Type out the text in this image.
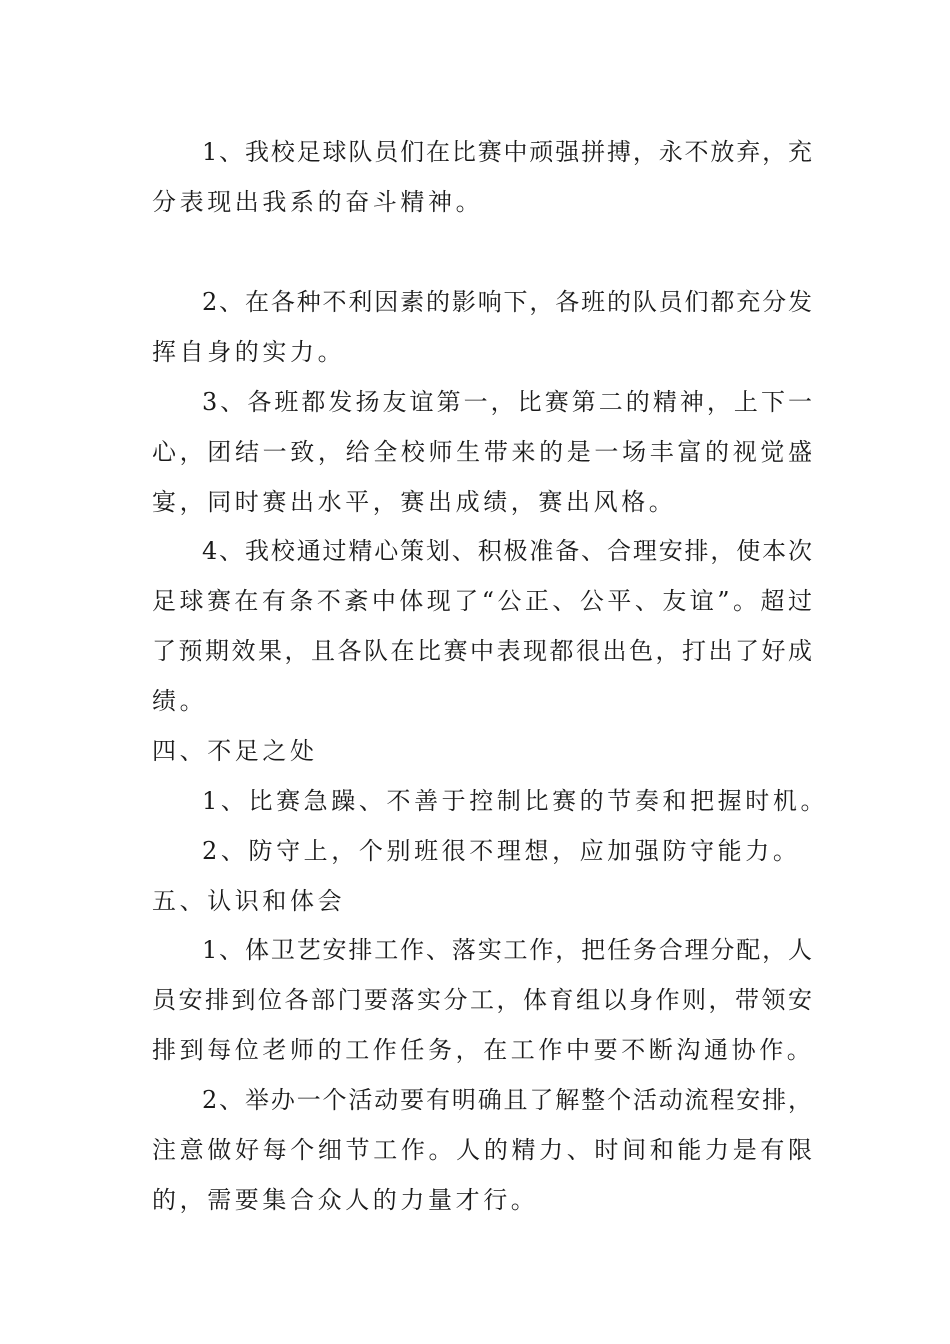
1、我校足球队员们在比赛中顽强拼搏，永不放弃，充

分表现出我系的奋斗精神。

2、在各种不利因素的影响下，各班的队员们都充分发

挥自身的实力。

3、各班都发扬友谊第一，比赛第二的精神，上下一

心，团结一致，给全校师生带来的是一场丰富的视觉盛

宴，同时赛出水平，赛出成绩，赛出风格。

4、我校通过精心策划、积极准备、合理安排，使本次

足球赛在有条不紊中体现了“公正、公平、友谊”。超过

了预期效果，且各队在比赛中表现都很出色，打出了好成

绩。

四、不足之处

1、比赛急躁、不善于控制比赛的节奏和把握时机。

2、防守上，个别班很不理想，应加强防守能力。

五、认识和体会

1、体卫艺安排工作、落实工作，把任务合理分配，人

员安排到位各部门要落实分工，体育组以身作则，带领安

排到每位老师的工作任务，在工作中要不断沟通协作。

2、举办一个活动要有明确且了解整个活动流程安排，

注意做好每个细节工作。人的精力、时间和能力是有限

的，需要集合众人的力量才行。
